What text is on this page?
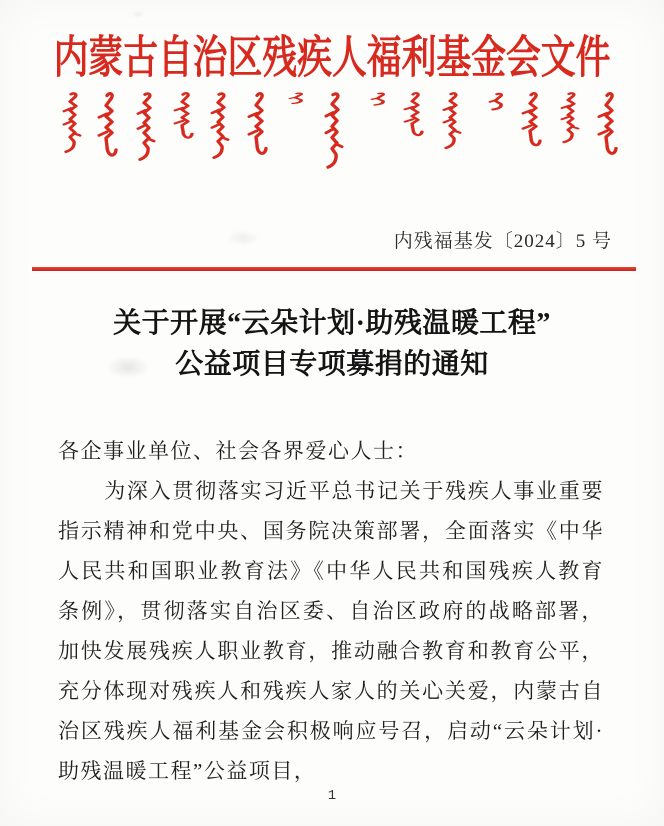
内蒙古自治区残疾人福利基金会文件
内残福基发〔2024〕5 号
关于开展“云朵计划·助残温暖工程”
公益项目专项募捐的通知

各企事业单位、社会各界爱心人士：

为深入贯彻落实习近平总书记关于残疾人事业重要指示精神和党中央、国务院决策部署，全面落实《中华人民共和国职业教育法》《中华人民共和国残疾人教育条例》，贯彻落实自治区委、自治区政府的战略部署，加快发展残疾人职业教育，推动融合教育和教育公平，充分体现对残疾人和残疾人家人的关心关爱，内蒙古自治区残疾人福利基金会积极响应号召，启动“云朵计划·助残温暖工程”公益项目，

1
